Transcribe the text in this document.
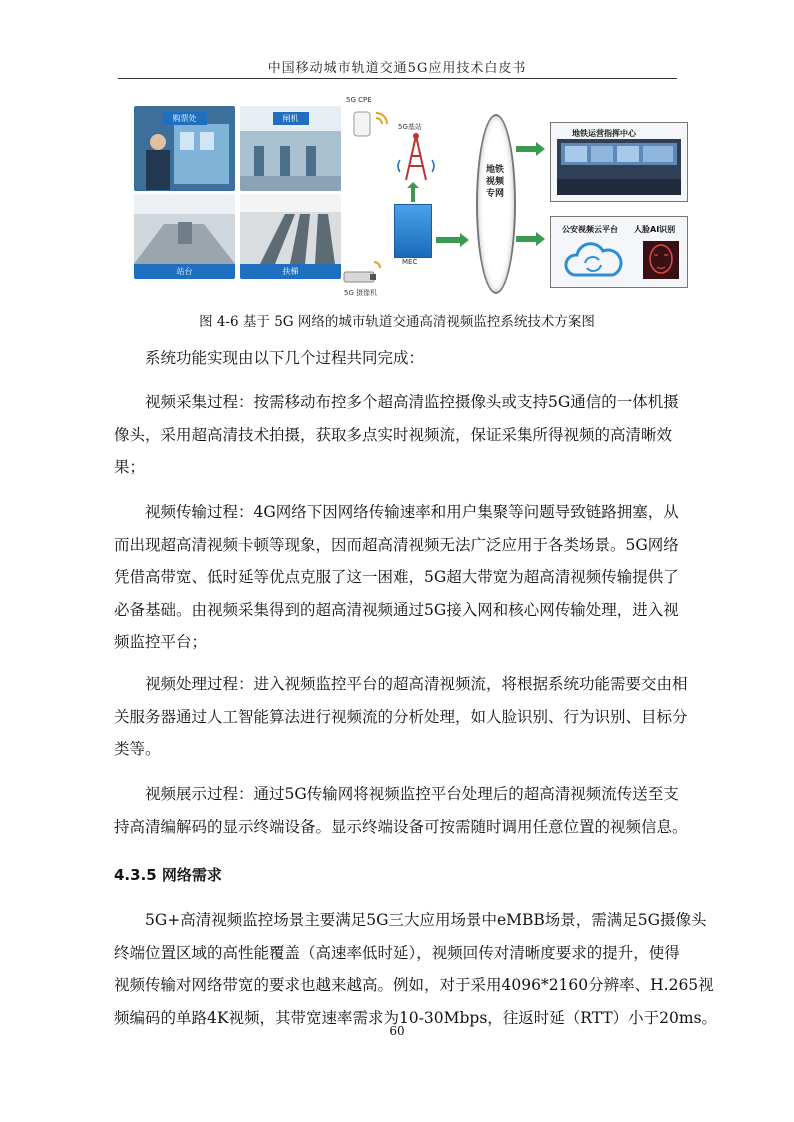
中国移动城市轨道交通5G应用技术白皮书
购票处	闸机
站台	扶梯
5G CPE
5G基站
MEC
5G 摄像机
地铁视频专网
地铁运营指挥中心
公安视频云平台 人脸AI识别
图 4-6 基于 5G 网络的城市轨道交通高清视频监控系统技术方案图
系统功能实现由以下几个过程共同完成：
视频采集过程：按需移动布控多个超高清监控摄像头或支持5G通信的一体机摄
像头，采用超高清技术拍摄，获取多点实时视频流，保证采集所得视频的高清晰效
果；
视频传输过程：4G网络下因网络传输速率和用户集聚等问题导致链路拥塞，从
而出现超高清视频卡顿等现象，因而超高清视频无法广泛应用于各类场景。5G网络
凭借高带宽、低时延等优点克服了这一困难，5G超大带宽为超高清视频传输提供了
必备基础。由视频采集得到的超高清视频通过5G接入网和核心网传输处理，进入视
频监控平台；
视频处理过程：进入视频监控平台的超高清视频流，将根据系统功能需要交由相
关服务器通过人工智能算法进行视频流的分析处理，如人脸识别、行为识别、目标分
类等。
视频展示过程：通过5G传输网将视频监控平台处理后的超高清视频流传送至支
持高清编解码的显示终端设备。显示终端设备可按需随时调用任意位置的视频信息。
4.3.5 网络需求
5G+高清视频监控场景主要满足5G三大应用场景中eMBB场景，需满足5G摄像头
终端位置区域的高性能覆盖（高速率低时延），视频回传对清晰度要求的提升，使得
视频传输对网络带宽的要求也越来越高。例如，对于采用4096*2160分辨率、H.265视
频编码的单路4K视频，其带宽速率需求为10-30Mbps，往返时延（RTT）小于20ms。
60
